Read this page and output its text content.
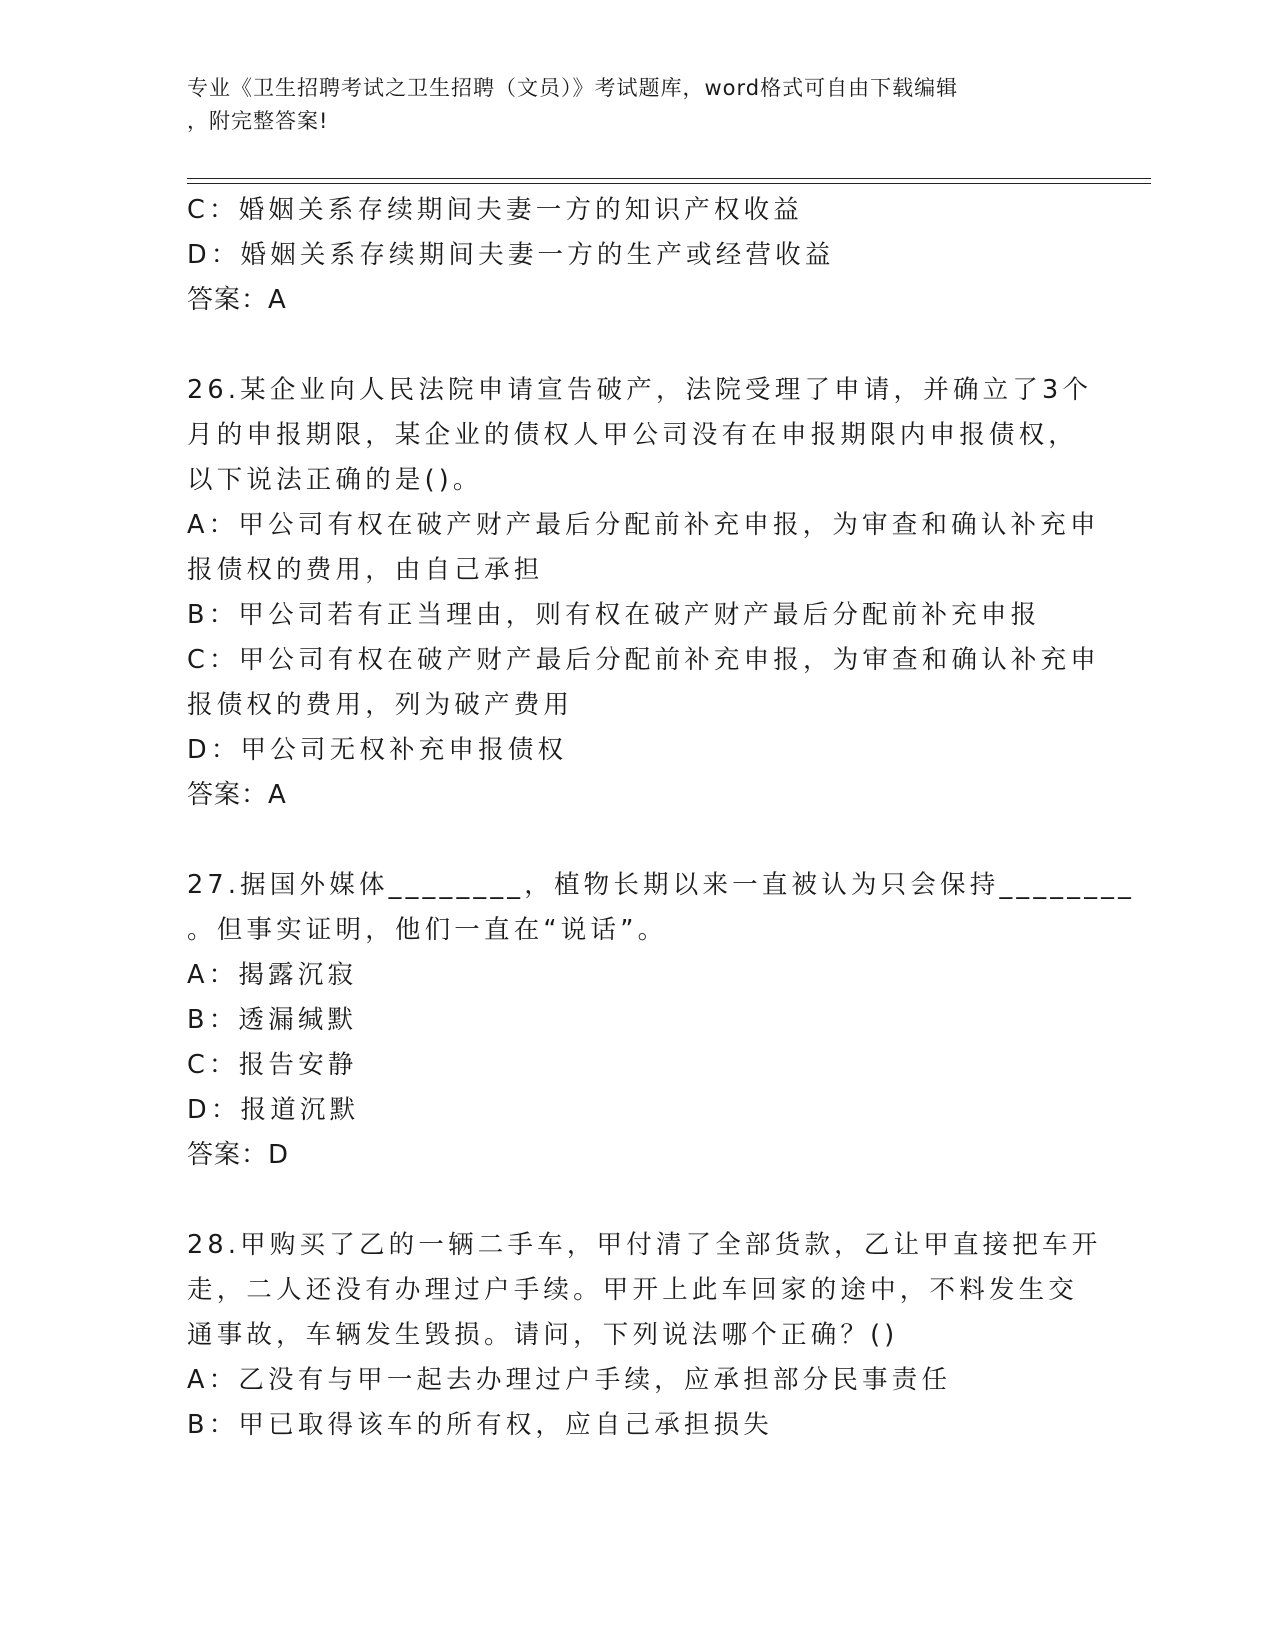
专业《卫生招聘考试之卫生招聘（文员）》考试题库，word格式可自由下载编辑
，附完整答案!
C：婚姻关系存续期间夫妻一方的知识产权收益
D：婚姻关系存续期间夫妻一方的生产或经营收益
答案：A
26.某企业向人民法院申请宣告破产，法院受理了申请，并确立了3个
月的申报期限，某企业的债权人甲公司没有在申报期限内申报债权，
以下说法正确的是()。
A：甲公司有权在破产财产最后分配前补充申报，为审查和确认补充申
报债权的费用，由自己承担
B：甲公司若有正当理由，则有权在破产财产最后分配前补充申报
C：甲公司有权在破产财产最后分配前补充申报，为审查和确认补充申
报债权的费用，列为破产费用
D：甲公司无权补充申报债权
答案：A
27.据国外媒体________，植物长期以来一直被认为只会保持________
。但事实证明，他们一直在“说话”。
A：揭露沉寂
B：透漏缄默
C：报告安静
D：报道沉默
答案：D
28.甲购买了乙的一辆二手车，甲付清了全部货款，乙让甲直接把车开
走，二人还没有办理过户手续。甲开上此车回家的途中，不料发生交
通事故，车辆发生毁损。请问，下列说法哪个正确？()
A：乙没有与甲一起去办理过户手续，应承担部分民事责任
B：甲已取得该车的所有权，应自己承担损失
